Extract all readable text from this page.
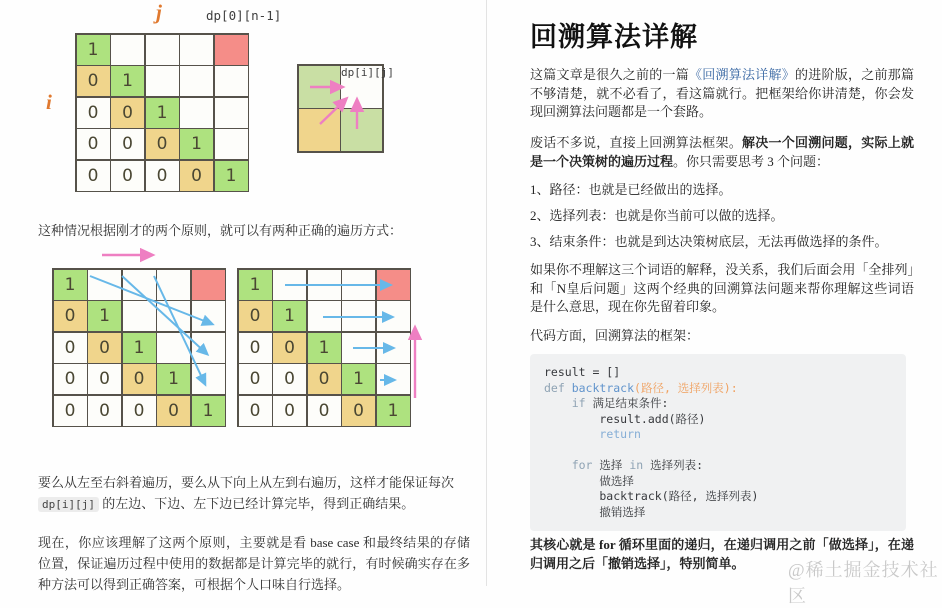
j	dp[0][n-1]
i
1
0	1
0	0	1
0	0	0	1
0	0	0	0	1
dp[i][j]
这种情况根据刚才的两个原则，就可以有两种正确的遍历方式：
1
0	1
0	0	1
0	0	0	1
0	0	0	0	1
1
0	1
0	0	1
0	0	0	1
0	0	0	0	1
要么从左至右斜着遍历，要么从下向上从左到右遍历，这样才能保证每次
dp[i][j] 的左边、下边、左下边已经计算完毕，得到正确结果。
现在，你应该理解了这两个原则，主要就是看 base case 和最终结果的存储位置，保证遍历过程中使用的数据都是计算完毕的就行，有时候确实存在多种方法可以得到正确答案，可根据个人口味自行选择。
回溯算法详解

这篇文章是很久之前的一篇《回溯算法详解》的进阶版，之前那篇不够清楚，就不必看了，看这篇就行。把框架给你讲清楚，你会发现回溯算法问题都是一个套路。

废话不多说，直接上回溯算法框架。解决一个回溯问题，实际上就是一个决策树的遍历过程。你只需要思考 3 个问题：

1、路径：也就是已经做出的选择。
2、选择列表：也就是你当前可以做的选择。
3、结束条件：也就是到达决策树底层，无法再做选择的条件。

如果你不理解这三个词语的解释，没关系，我们后面会用「全排列」和「N皇后问题」这两个经典的回溯算法问题来帮你理解这些词语是什么意思，现在你先留着印象。

代码方面，回溯算法的框架：

result = []
def backtrack(路径, 选择列表):
if 满足结束条件:
result.add(路径)
return

for 选择 in 选择列表:
做选择
backtrack(路径, 选择列表)
撤销选择

其核心就是 for 循环里面的递归，在递归调用之前「做选择」，在递归调用之后「撤销选择」，特别简单。	@稀土掘金技术社区
